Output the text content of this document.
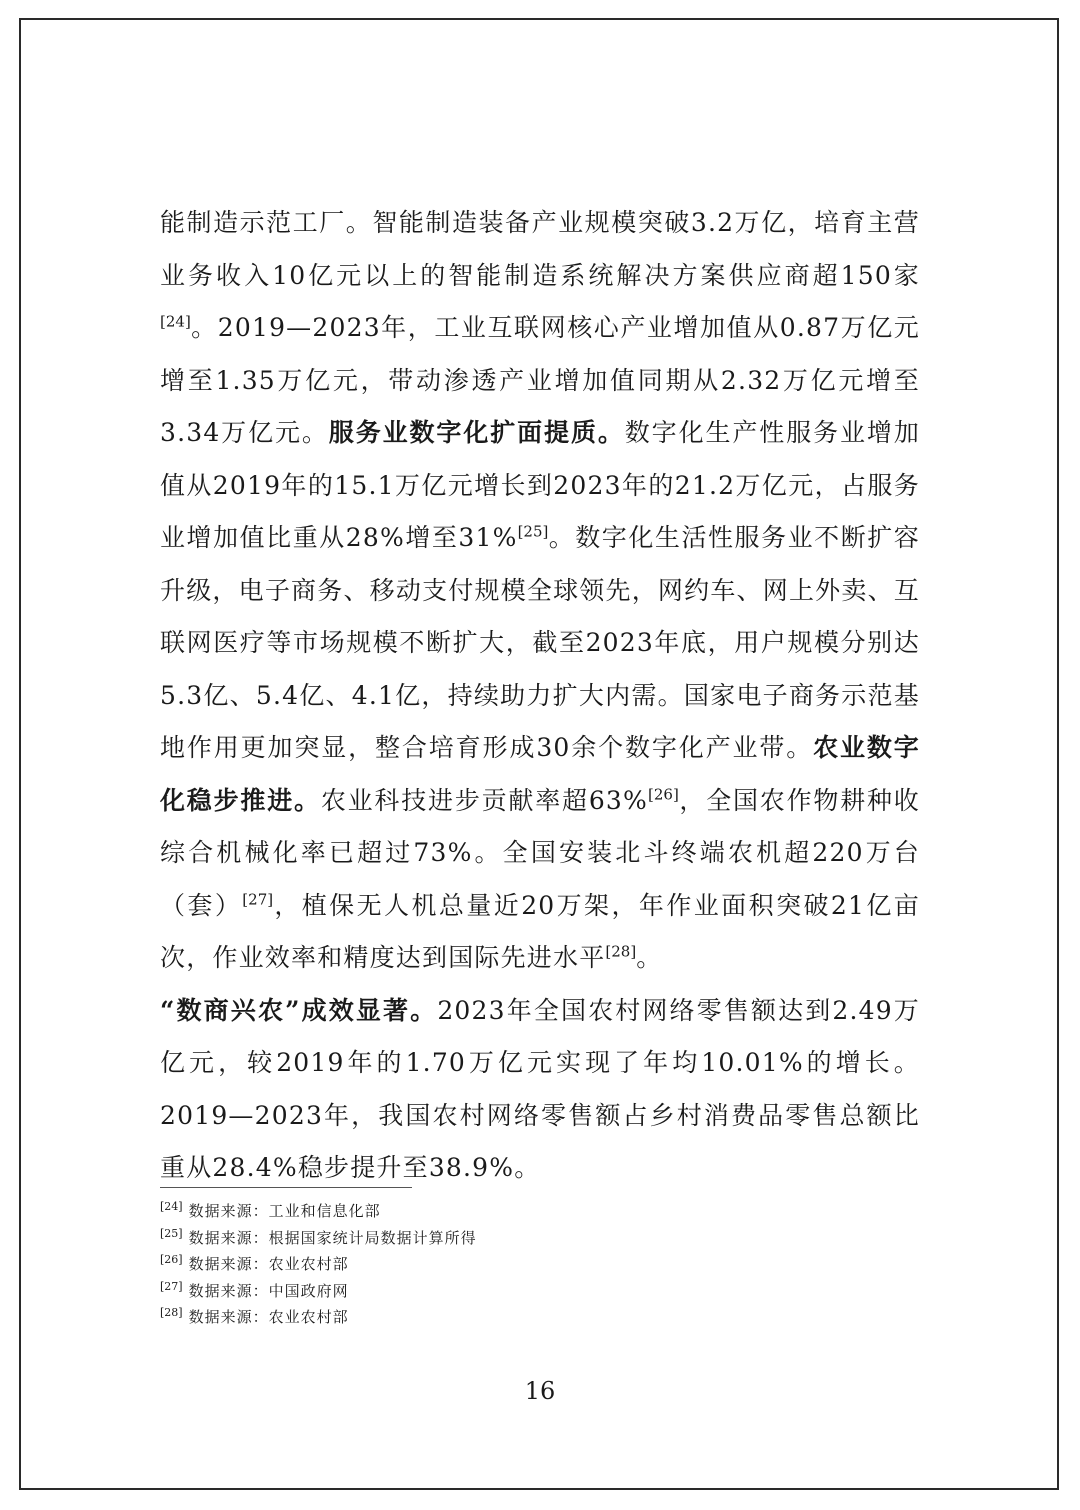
能制造示范工厂。智能制造装备产业规模突破3.2万亿，培育主营业务收入10亿元以上的智能制造系统解决方案供应商超150家[24]。2019—2023年，工业互联网核心产业增加值从0.87万亿元增至1.35万亿元，带动渗透产业增加值同期从2.32万亿元增至3.34万亿元。服务业数字化扩面提质。数字化生产性服务业增加值从2019年的15.1万亿元增长到2023年的21.2万亿元，占服务业增加值比重从28%增至31%[25]。数字化生活性服务业不断扩容升级，电子商务、移动支付规模全球领先，网约车、网上外卖、互联网医疗等市场规模不断扩大，截至2023年底，用户规模分别达5.3亿、5.4亿、4.1亿，持续助力扩大内需。国家电子商务示范基地作用更加突显，整合培育形成30余个数字化产业带。农业数字化稳步推进。农业科技进步贡献率超63%[26]，全国农作物耕种收综合机械化率已超过73%。全国安装北斗终端农机超220万台（套）[27]，植保无人机总量近20万架，年作业面积突破21亿亩次，作业效率和精度达到国际先进水平[28]。

“数商兴农”成效显著。2023年全国农村网络零售额达到2.49万亿元，较2019年的1.70万亿元实现了年均10.01%的增长。2019—2023年，我国农村网络零售额占乡村消费品零售总额比重从28.4%稳步提升至38.9%。

[24] 数据来源：工业和信息化部
[25] 数据来源：根据国家统计局数据计算所得
[26] 数据来源：农业农村部
[27] 数据来源：中国政府网
[28] 数据来源：农业农村部
16
